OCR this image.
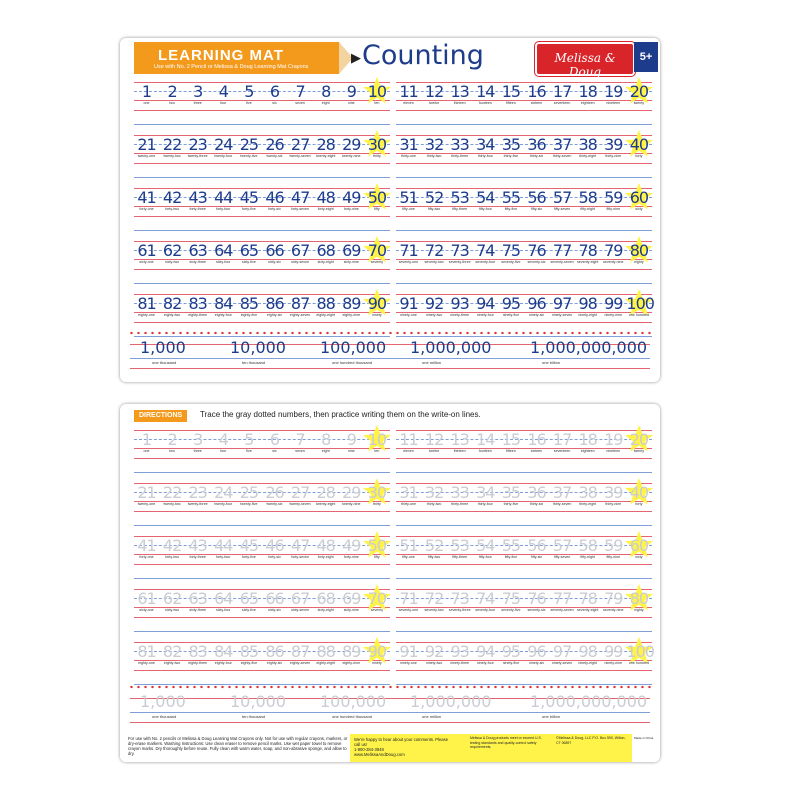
LEARNING MAT
Use with No. 2 Pencil or Melissa & Doug Learning Mat Crayons
▶ Counting	Melissa & Doug
5+
1
one
2
two
3
three
4
four
5
five
6
six
7
seven
8
eight
9
nine
10
ten
11
eleven
12
twelve
13
thirteen
14
fourteen
15
fifteen
16
sixteen
17
seventeen
18
eighteen
19
nineteen
20
twenty
21
twenty-one
22
twenty-two
23
twenty-three
24
twenty-four
25
twenty-five
26
twenty-six
27
twenty-seven
28
twenty-eight
29
twenty-nine
30
thirty
31
thirty-one
32
thirty-two
33
thirty-three
34
thirty-four
35
thirty-five
36
thirty-six
37
thirty-seven
38
thirty-eight
39
thirty-nine
40
forty
41
forty-one
42
forty-two
43
forty-three
44
forty-four
45
forty-five
46
forty-six
47
forty-seven
48
forty-eight
49
forty-nine
50
fifty
51
fifty-one
52
fifty-two
53
fifty-three
54
fifty-four
55
fifty-five
56
fifty-six
57
fifty-seven
58
fifty-eight
59
fifty-nine
60
sixty
61
sixty-one
62
sixty-two
63
sixty-three
64
sixty-four
65
sixty-five
66
sixty-six
67
sixty-seven
68
sixty-eight
69
sixty-nine
70
seventy
71
seventy-one
72
seventy-two
73
seventy-three
74
seventy-four
75
seventy-five
76
seventy-six
77
seventy-seven
78
seventy-eight
79
seventy-nine
80
eighty
81
eighty-one
82
eighty-two
83
eighty-three
84
eighty-four
85
eighty-five
86
eighty-six
87
eighty-seven
88
eighty-eight
89
eighty-nine
90
ninety
91
ninety-one
92
ninety-two
93
ninety-three
94
ninety-four
95
ninety-five
96
ninety-six
97
ninety-seven
98
ninety-eight
99
ninety-nine
100
one hundred
1,000
one thousand
10,000
ten thousand
100,000
one hundred thousand
1,000,000
one million
1,000,000,000
one billion
DIRECTIONS	Trace the gray dotted numbers, then practice writing them on the write-on lines.
1
one
2
two
3
three
4
four
5
five
6
six
7
seven
8
eight
9
nine
10
ten
11
eleven
12
twelve
13
thirteen
14
fourteen
15
fifteen
16
sixteen
17
seventeen
18
eighteen
19
nineteen
20
twenty
21
twenty-one
22
twenty-two
23
twenty-three
24
twenty-four
25
twenty-five
26
twenty-six
27
twenty-seven
28
twenty-eight
29
twenty-nine
30
thirty
31
thirty-one
32
thirty-two
33
thirty-three
34
thirty-four
35
thirty-five
36
thirty-six
37
thirty-seven
38
thirty-eight
39
thirty-nine
40
forty
41
forty-one
42
forty-two
43
forty-three
44
forty-four
45
forty-five
46
forty-six
47
forty-seven
48
forty-eight
49
forty-nine
50
fifty
51
fifty-one
52
fifty-two
53
fifty-three
54
fifty-four
55
fifty-five
56
fifty-six
57
fifty-seven
58
fifty-eight
59
fifty-nine
60
sixty
61
sixty-one
62
sixty-two
63
sixty-three
64
sixty-four
65
sixty-five
66
sixty-six
67
sixty-seven
68
sixty-eight
69
sixty-nine
70
seventy
71
seventy-one
72
seventy-two
73
seventy-three
74
seventy-four
75
seventy-five
76
seventy-six
77
seventy-seven
78
seventy-eight
79
seventy-nine
80
eighty
81
eighty-one
82
eighty-two
83
eighty-three
84
eighty-four
85
eighty-five
86
eighty-six
87
eighty-seven
88
eighty-eight
89
eighty-nine
90
ninety
91
ninety-one
92
ninety-two
93
ninety-three
94
ninety-four
95
ninety-five
96
ninety-six
97
ninety-seven
98
ninety-eight
99
ninety-nine
100
one hundred
1,000
one thousand
10,000
ten thousand
100,000
one hundred thousand
1,000,000
one million
1,000,000,000
one billion
For use with No. 2 pencils or Melissa & Doug Learning Mat Crayons only. Not for use with regular crayons, markers, or dry-erase markers. Washing Instructions: Use clean eraser to remove pencil marks. Use wet paper towel to remove crayon marks. Dry thoroughly before reuse. Fully clean with warm water, soap, and non-abrasive sponge, and allow to dry.
We're happy to hear about your comments. Please call us!
1-800-284-3948
www.MelissaAndDoug.com
Melissa & Doug products meet or exceed U.S. testing standards and quality-control safety requirements.
©Melissa & Doug, LLC P.O. Box 590, Wilton, CT 06897
Made in China
